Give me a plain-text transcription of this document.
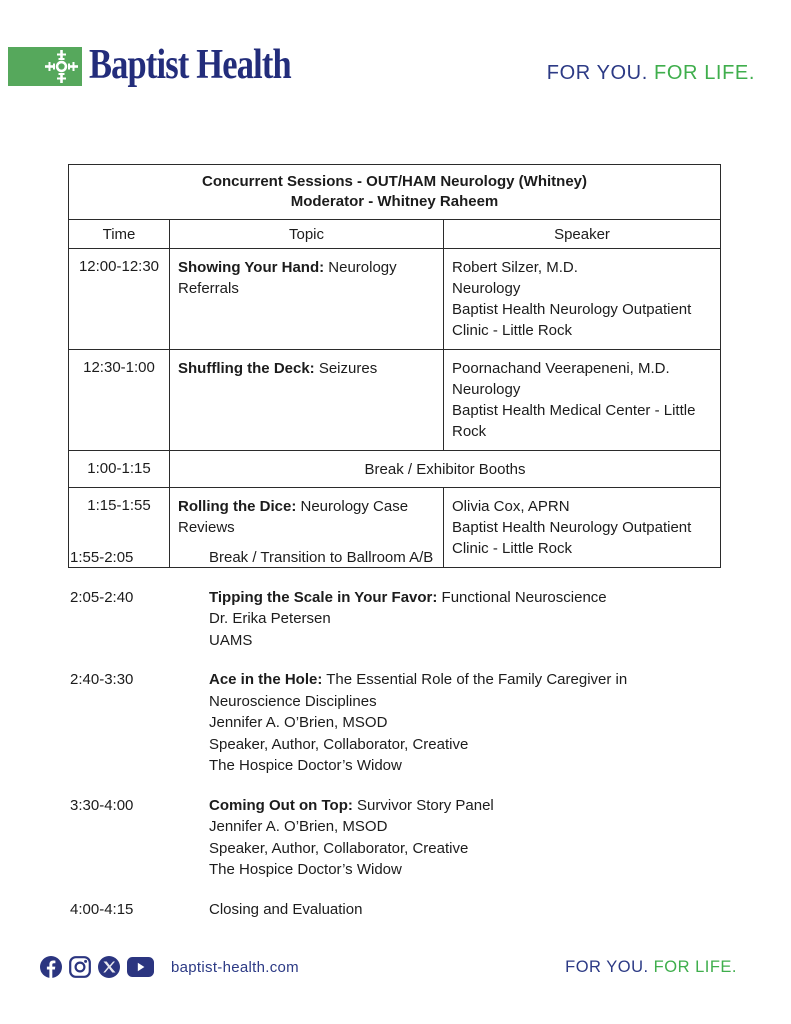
Baptist Health	FOR YOU. FOR LIFE.
Concurrent Sessions - OUT/HAM Neurology (Whitney)
Moderator - Whitney Raheem		

Time	Topic	Speaker
12:00-12:30	Showing Your Hand: Neurology Referrals	Robert Silzer, M.D.
Neurology
Baptist Health Neurology Outpatient Clinic - Little Rock

12:30-1:00	Shuffling the Deck: Seizures	Poornachand Veerapeneni, M.D.
Neurology
Baptist Health Medical Center - Little Rock

1:00-1:15	Break / Exhibitor Booths	
1:15-1:55	Rolling the Dice: Neurology Case Reviews	Olivia Cox, APRN
Baptist Health Neurology Outpatient Clinic - Little Rock
1:55-2:05	Break / Transition to Ballroom A/B
2:05-2:40	Tipping the Scale in Your Favor: Functional Neuroscience
Dr. Erika Petersen
UAMS
2:40-3:30	Ace in the Hole: The Essential Role of the Family Caregiver in Neuroscience Disciplines
Jennifer A. O’Brien, MSOD
Speaker, Author, Collaborator, Creative
The Hospice Doctor’s Widow
3:30-4:00	Coming Out on Top: Survivor Story Panel
Jennifer A. O’Brien, MSOD
Speaker, Author, Collaborator, Creative
The Hospice Doctor’s Widow
4:00-4:15	Closing and Evaluation
baptist-health.com	FOR YOU. FOR LIFE.
